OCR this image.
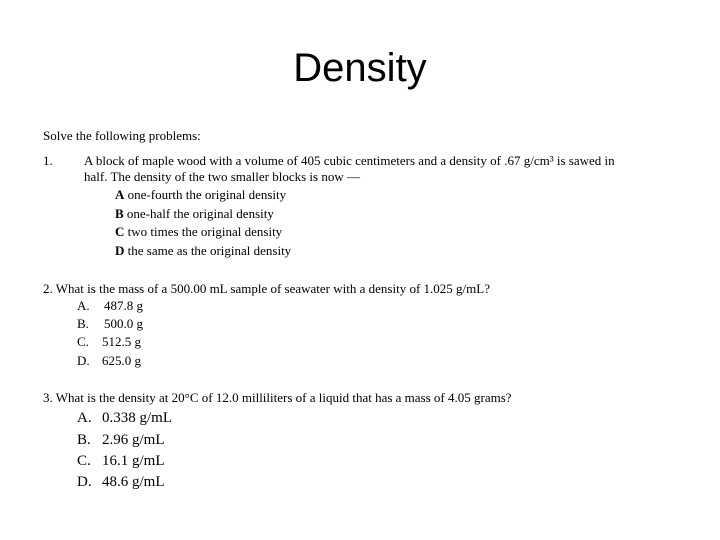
Density
Solve the following problems:
1. A block of maple wood with a volume of 405 cubic centimeters and a density of .67 g/cm³ is sawed in
half. The density of the two smaller blocks is now —
A one-fourth the original density
B one-half the original density
C two times the original density
D the same as the original density
2. What is the mass of a 500.00 mL sample of seawater with a density of 1.025 g/mL?
A. 487.8 g
B. 500.0 g
C. 512.5 g
D. 625.0 g
3. What is the density at 20°C of 12.0 milliliters of a liquid that has a mass of 4.05 grams?
A. 0.338 g/mL
B. 2.96 g/mL
C. 16.1 g/mL
D. 48.6 g/mL
